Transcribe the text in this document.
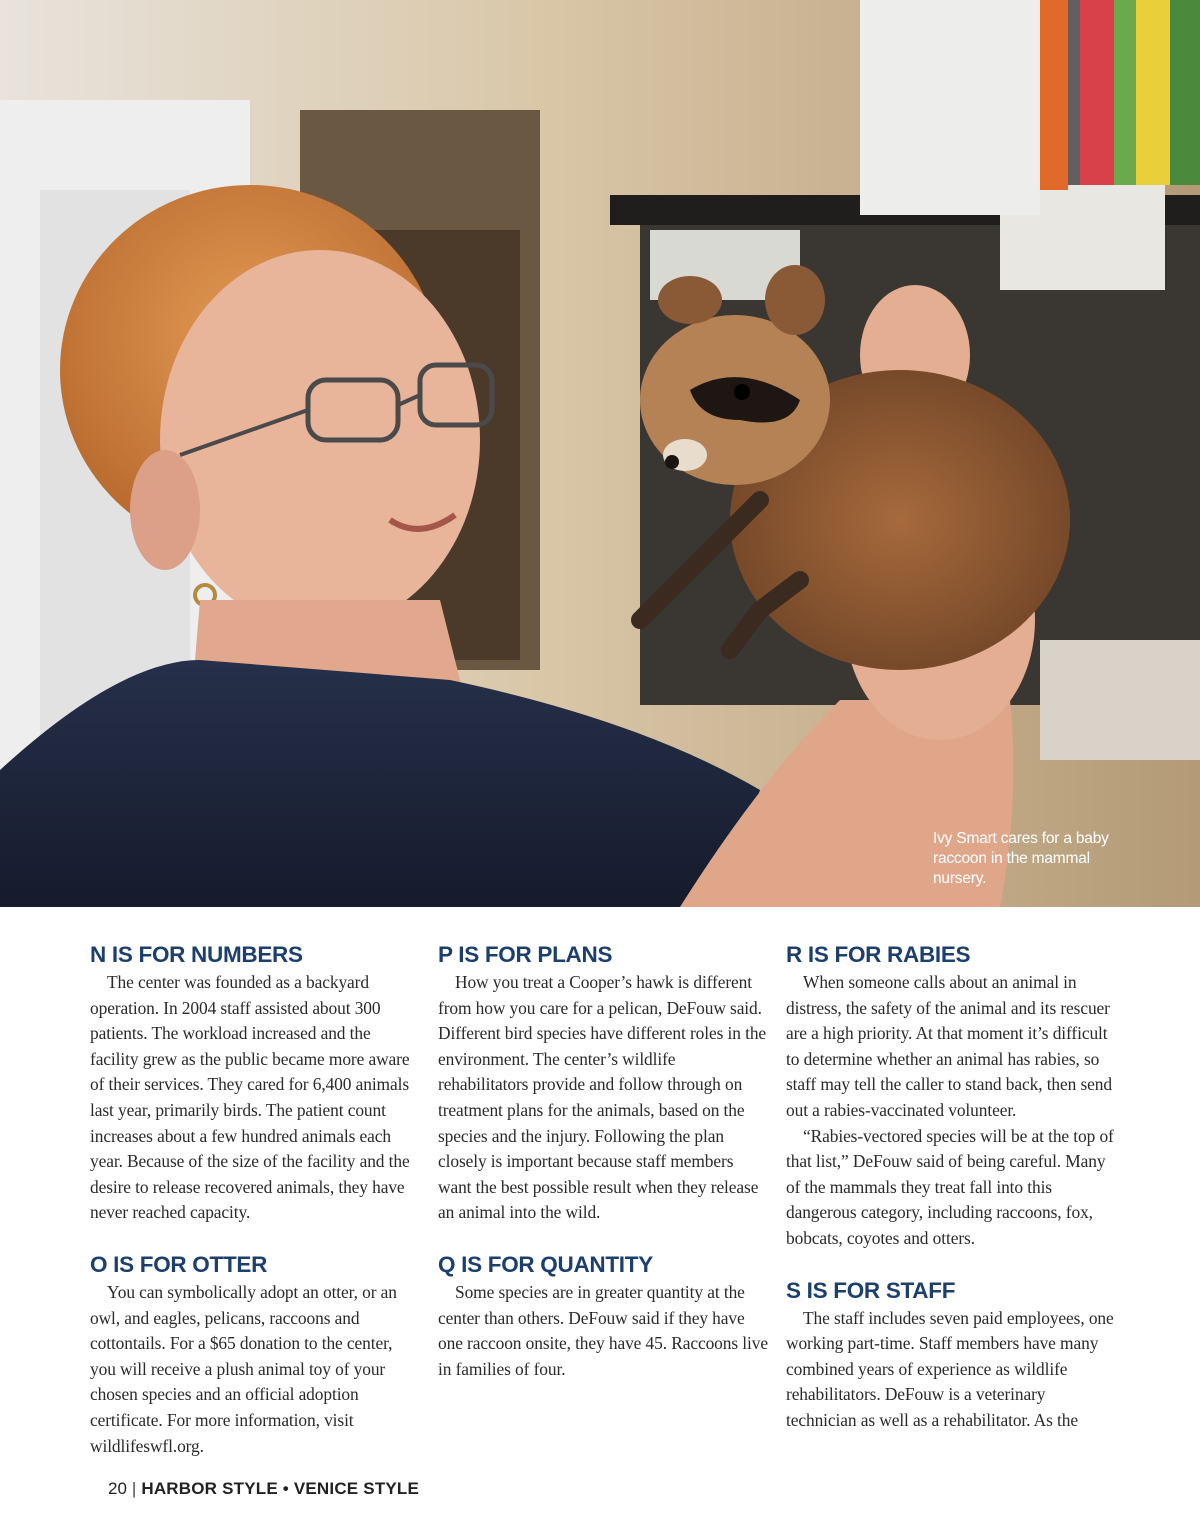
Ivy Smart cares for a baby raccoon in the mammal nursery.
N IS FOR NUMBERS

The center was founded as a backyard operation. In 2004 staff assisted about 300 patients. The workload increased and the facility grew as the public became more aware of their services. They cared for 6,400 animals last year, primarily birds. The patient count increases about a few hundred animals each year. Because of the size of the facility and the desire to release recovered animals, they have never reached capacity.

O IS FOR OTTER

You can symbolically adopt an otter, or an owl, and eagles, pelicans, raccoons and cottontails. For a $65 donation to the center, you will receive a plush animal toy of your chosen species and an official adoption certificate. For more information, visit wildlifeswfl.org.

P IS FOR PLANS

How you treat a Cooper’s hawk is different from how you care for a pelican, DeFouw said. Different bird species have different roles in the environment. The center’s wildlife rehabilitators provide and follow through on treatment plans for the animals, based on the species and the injury. Following the plan closely is important because staff members want the best possible result when they release an animal into the wild.

Q IS FOR QUANTITY

Some species are in greater quantity at the center than others. DeFouw said if they have one raccoon onsite, they have 45. Raccoons live in families of four.

R IS FOR RABIES

When someone calls about an animal in distress, the safety of the animal and its rescuer are a high priority. At that moment it’s difficult to determine whether an animal has rabies, so staff may tell the caller to stand back, then send out a rabies-vaccinated volunteer.

“Rabies-vectored species will be at the top of that list,” DeFouw said of being careful. Many of the mammals they treat fall into this dangerous category, including raccoons, fox, bobcats, coyotes and otters.

S IS FOR STAFF

The staff includes seven paid employees, one working part-time. Staff members have many combined years of experience as wildlife rehabilitators. DeFouw is a veterinary technician as well as a rehabilitator. As the

20 | HARBOR STYLE • VENICE STYLE
